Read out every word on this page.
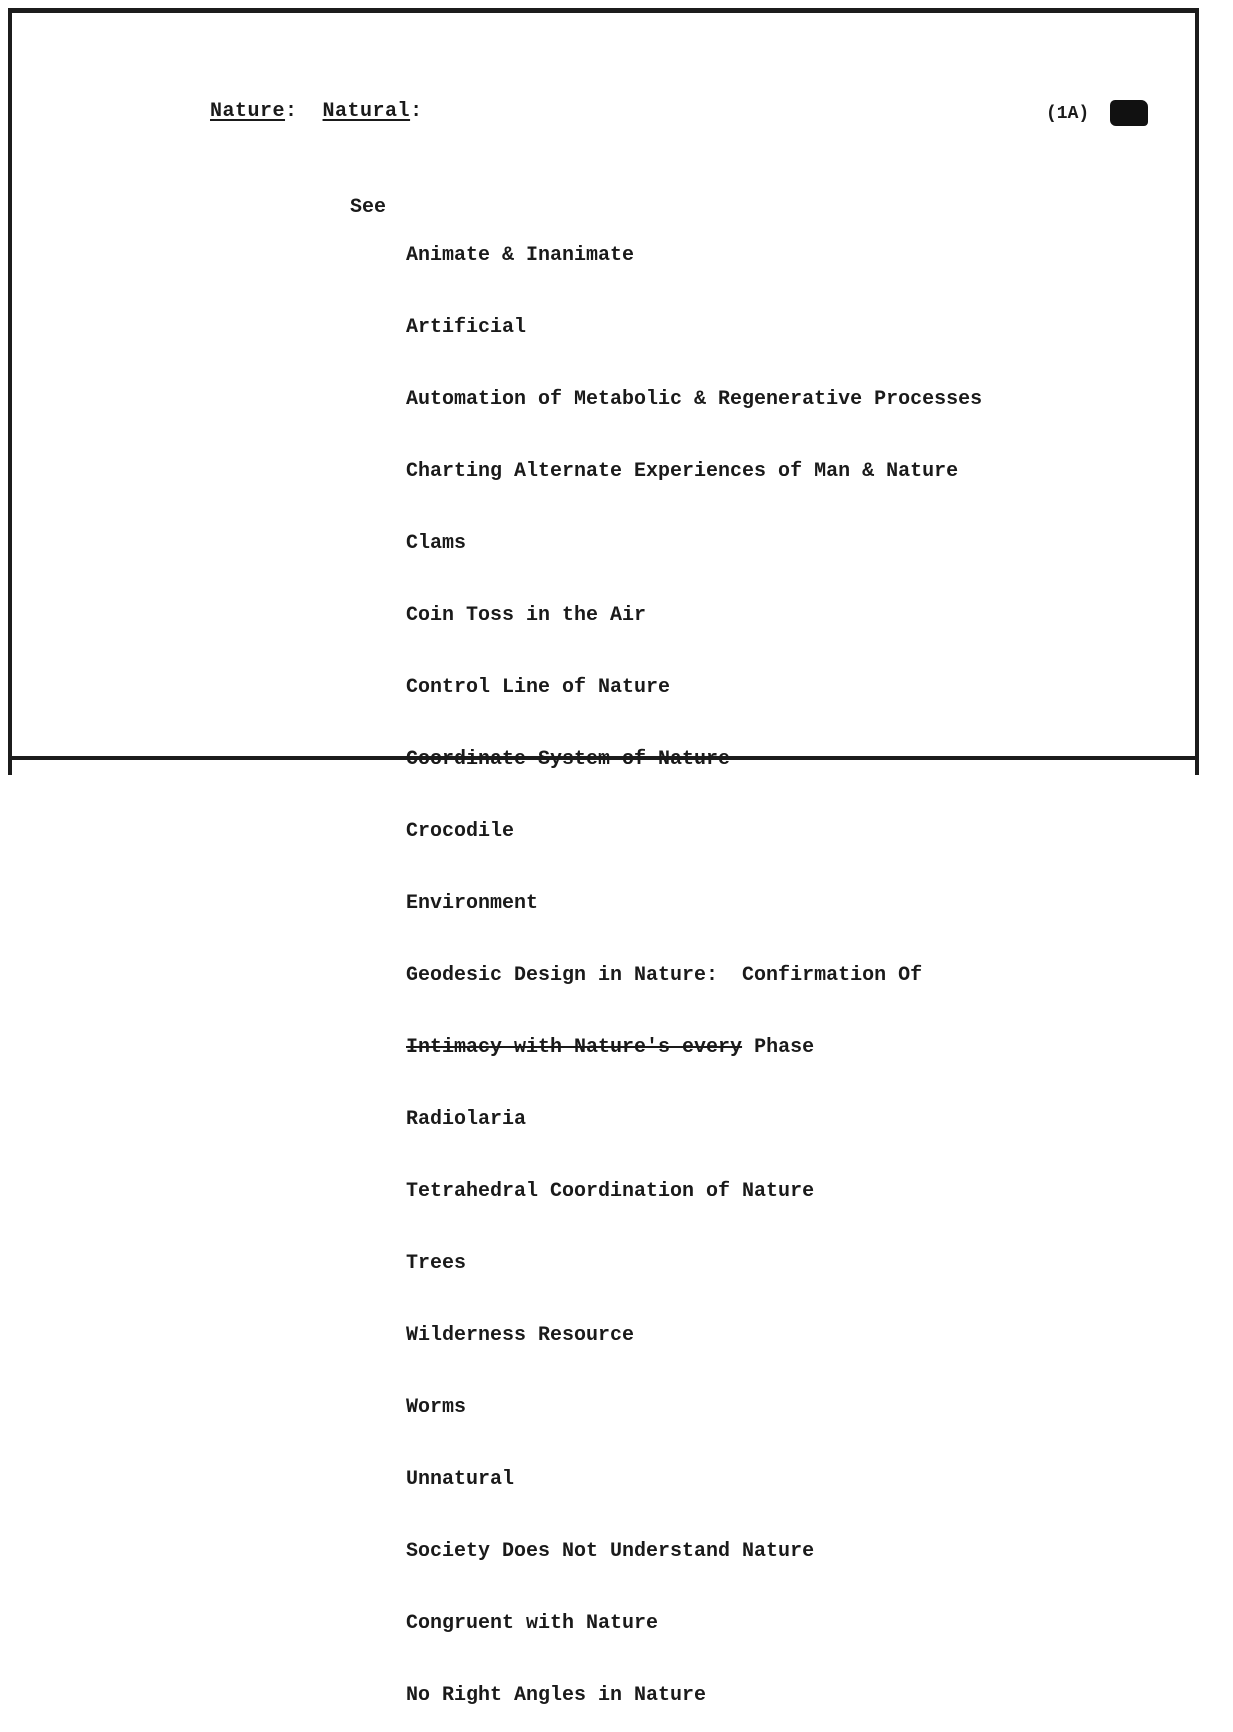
Nature: Natural:	(1A)
See

Animate & Inanimate

Artificial

Automation of Metabolic & Regenerative Processes

Charting Alternate Experiences of Man & Nature

Clams

Coin Toss in the Air

Control Line of Nature

Coordinate System of Nature

Crocodile

Environment

Geodesic Design in Nature:  Confirmation Of

Intimacy with Nature's every Phase

Radiolaria

Tetrahedral Coordination of Nature

Trees

Wilderness Resource

Worms

Unnatural

Society Does Not Understand Nature

Congruent with Nature

No Right Angles in Nature
